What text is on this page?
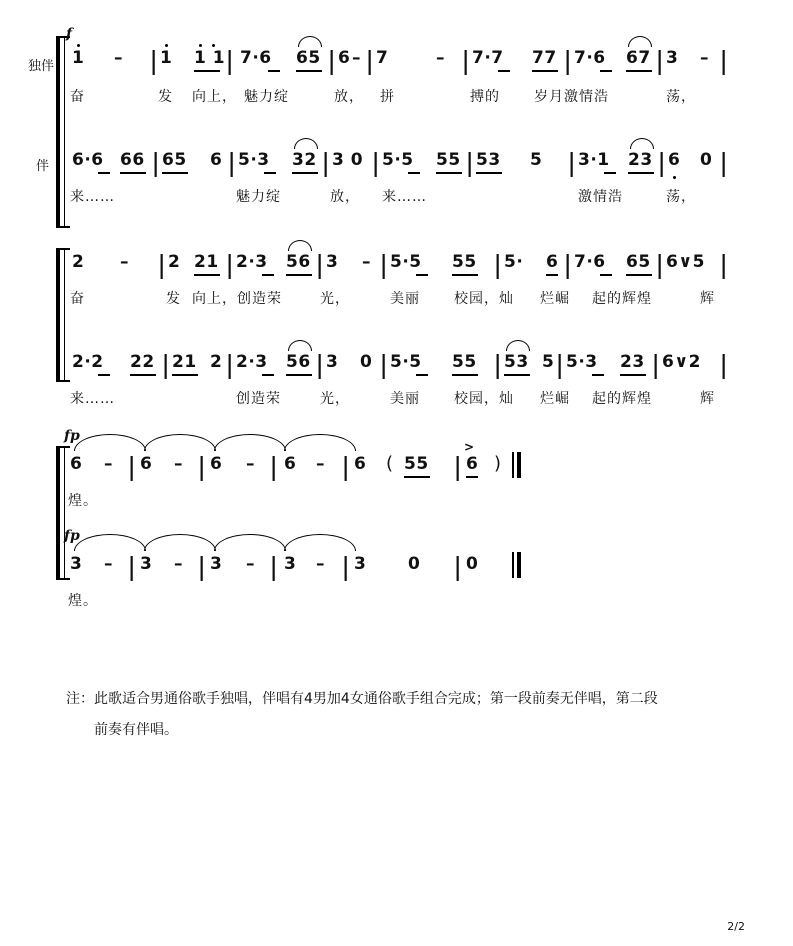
独伴
伴
f
1 – | 1 1 1 | 7·6 65 | 6 – | 7	– | 7·7 77 | 7·6 67 | 3 – |
奋	发 向上， 魅力绽	放， 拼	搏的 岁月激情浩	荡，
6·6 66 | 65 6 | 5·3 32 | 3 0 | 5·5 55 | 53 5 | 3·1 23 | 6 0 |
来……	魅力绽	放， 来……	激情浩	荡，
2 – | 2 21 | 2·3 56 | 3 – | 5·5 55 | 5· 6 | 7·6 65 | 6∨5 |
奋	发 向上，创造荣	光，	美丽 校园，灿 烂崛 起的辉煌	辉
2·2 22 | 21 2 | 2·3 56 | 3 0 | 5·5 55 | 53 5 | 5·3 23 | 6∨2 |
来……	创造荣	光，	美丽 校园，灿 烂崛 起的辉煌	辉
fp
fp
6 – | 6 – | 6 – | 6 – | 6 ( 55 |
>
6 )
煌。
3 – | 3 – | 3 – | 3 – | 3 0 | 0
煌。
注：此歌适合男通俗歌手独唱，伴唱有4男加4女通俗歌手组合完成；第一段前奏无伴唱，第二段
前奏有伴唱。
2/2
